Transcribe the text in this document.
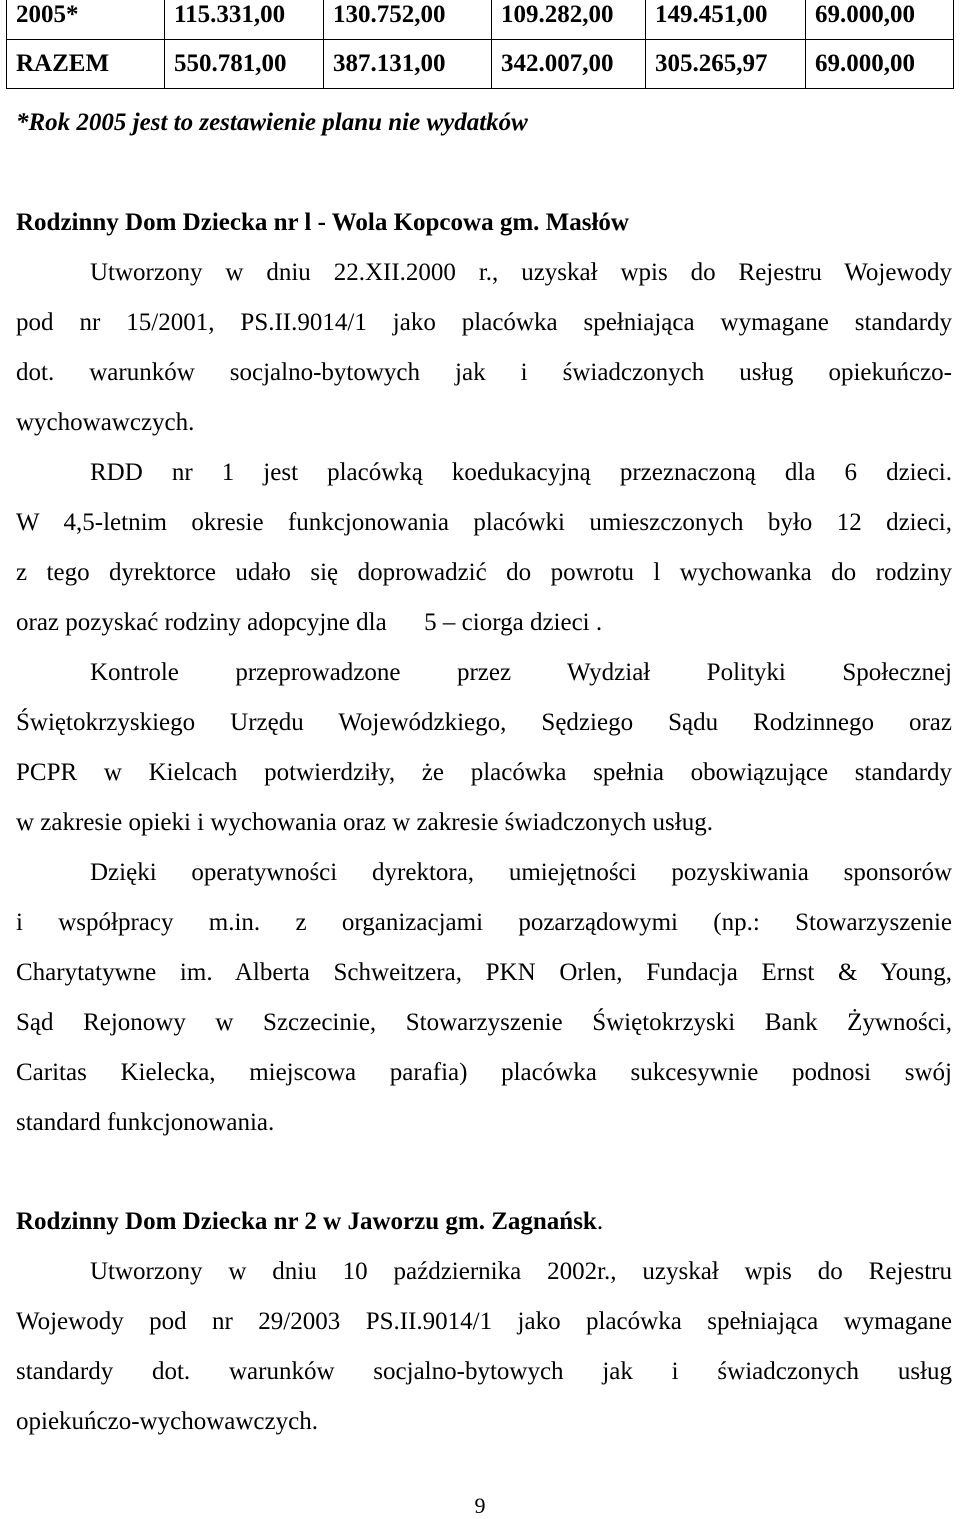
2005*	115.331,00	130.752,00	109.282,00	149.451,00	69.000,00
RAZEM	550.781,00	387.131,00	342.007,00	305.265,97	69.000,00
*Rok 2005 jest to zestawienie planu nie wydatków
Rodzinny Dom Dziecka nr l - Wola Kopcowa gm. Masłów
Utworzony w dniu 22.XII.2000 r., uzyskał wpis do Rejestru Wojewody
pod nr 15/2001, PS.II.9014/1 jako placówka spełniająca wymagane standardy
dot. warunków socjalno-bytowych jak i świadczonych usług opiekuńczo-
wychowawczych.
RDD nr 1 jest placówką koedukacyjną przeznaczoną dla 6 dzieci.
W 4,5-letnim okresie funkcjonowania placówki umieszczonych było 12 dzieci,
z tego dyrektorce udało się doprowadzić do powrotu l wychowanka do rodziny
oraz pozyskać rodziny adopcyjne dla      5 – ciorga dzieci .
Kontrole przeprowadzone przez Wydział Polityki Społecznej
Świętokrzyskiego Urzędu Wojewódzkiego, Sędziego Sądu Rodzinnego oraz
PCPR w Kielcach potwierdziły, że placówka spełnia obowiązujące standardy
w zakresie opieki i wychowania oraz w zakresie świadczonych usług.
Dzięki operatywności dyrektora, umiejętności pozyskiwania sponsorów
i współpracy m.in. z organizacjami pozarządowymi (np.: Stowarzyszenie
Charytatywne im. Alberta Schweitzera, PKN Orlen, Fundacja Ernst & Young,
Sąd Rejonowy w Szczecinie, Stowarzyszenie Świętokrzyski Bank Żywności,
Caritas Kielecka, miejscowa parafia) placówka sukcesywnie podnosi swój
standard funkcjonowania.
Rodzinny Dom Dziecka nr 2 w Jaworzu gm. Zagnańsk.
Utworzony w dniu 10 października 2002r., uzyskał wpis do Rejestru
Wojewody pod nr 29/2003 PS.II.9014/1 jako placówka spełniająca wymagane
standardy dot. warunków socjalno-bytowych jak i świadczonych usług
opiekuńczo-wychowawczych.
9
